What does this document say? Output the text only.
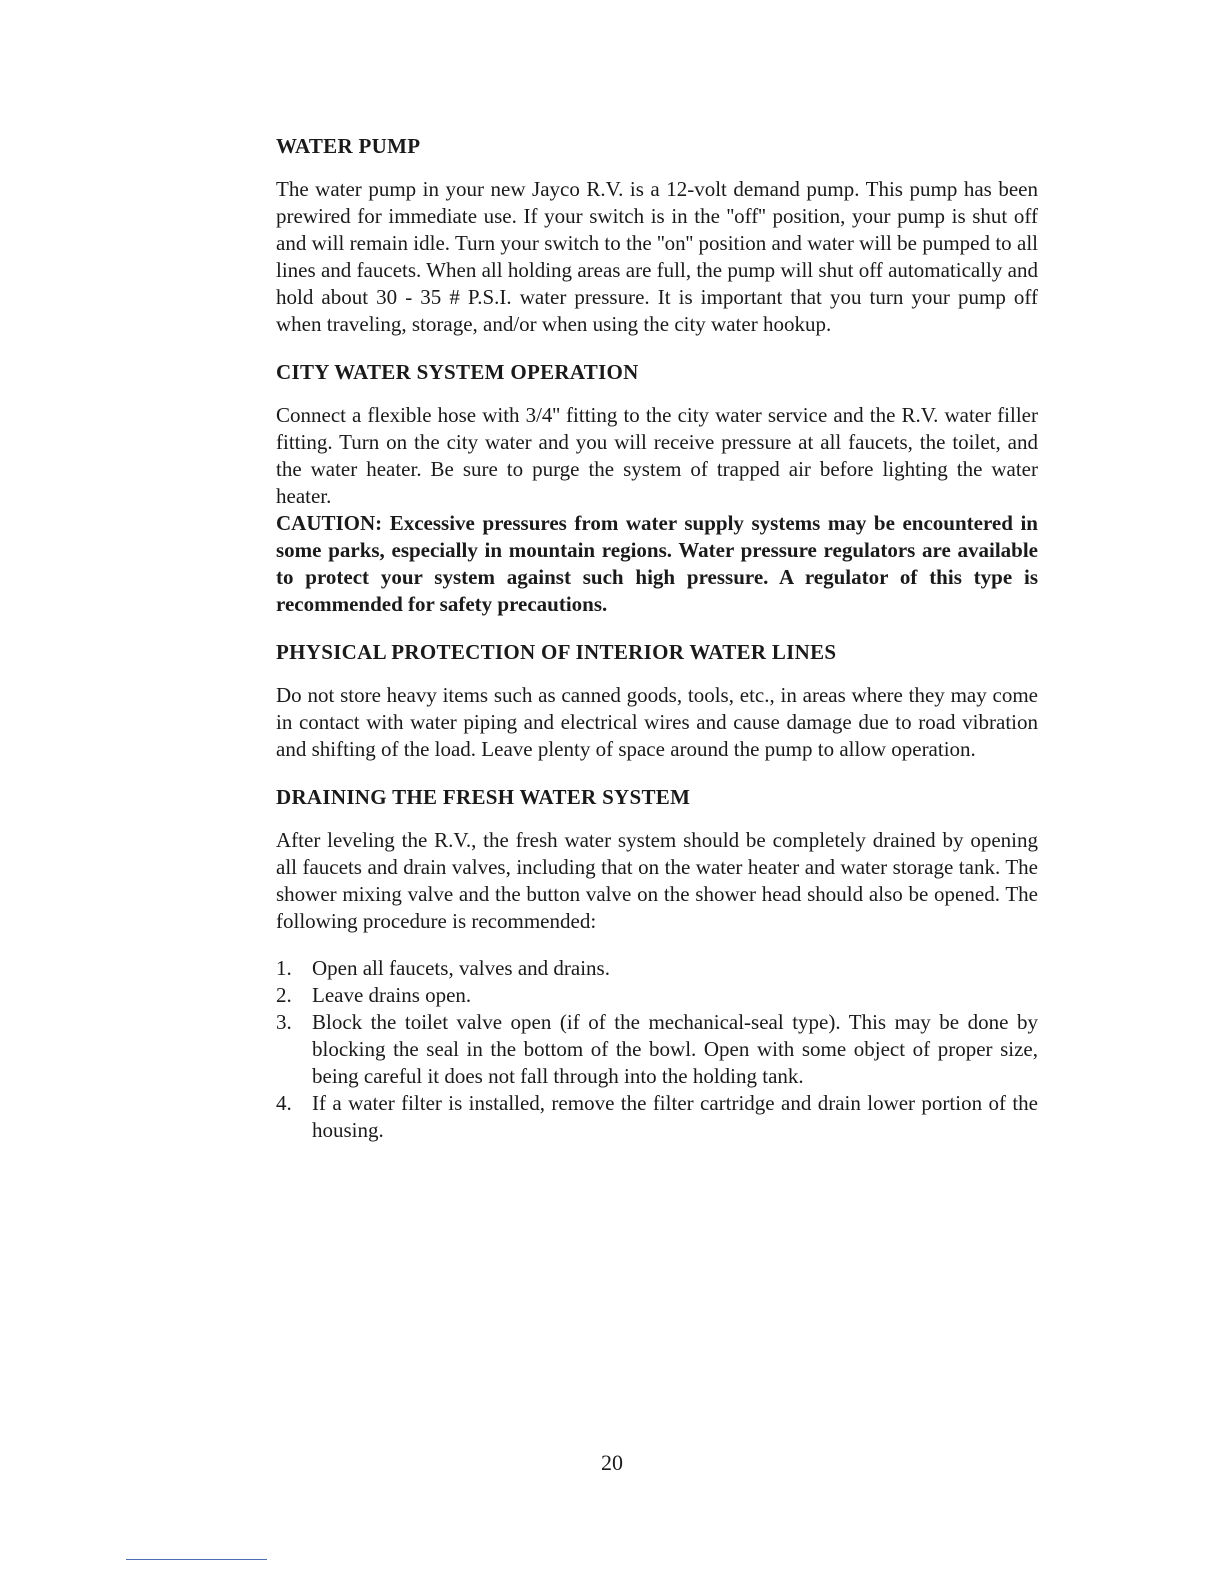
WATER PUMP

The water pump in your new Jayco R.V. is a 12-volt demand pump. This pump has been prewired for immediate use. If your switch is in the ''off'' position, your pump is shut off and will remain idle. Turn your switch to the ''on'' position and water will be pumped to all lines and faucets. When all holding areas are full, the pump will shut off automatically and hold about 30 - 35 # P.S.I. water pressure. It is important that you turn your pump off when traveling, storage, and/or when using the city water hookup.

CITY WATER SYSTEM OPERATION

Connect a flexible hose with 3/4'' fitting to the city water service and the R.V. water filler fitting. Turn on the city water and you will receive pressure at all faucets, the toilet, and the water heater. Be sure to purge the system of trapped air before lighting the water heater.

CAUTION: Excessive pressures from water supply systems may be encountered in some parks, especially in mountain regions. Water pressure regulators are available to protect your system against such high pressure. A regulator of this type is recommended for safety precautions.

PHYSICAL PROTECTION OF INTERIOR WATER LINES

Do not store heavy items such as canned goods, tools, etc., in areas where they may come in contact with water piping and electrical wires and cause damage due to road vibration and shifting of the load. Leave plenty of space around the pump to allow operation.

DRAINING THE FRESH WATER SYSTEM

After leveling the R.V., the fresh water system should be completely drained by opening all faucets and drain valves, including that on the water heater and water storage tank. The shower mixing valve and the button valve on the shower head should also be opened. The following procedure is recommended:

1. Open all faucets, valves and drains.
2. Leave drains open.
3. Block the toilet valve open (if of the mechanical-seal type). This may be done by blocking the seal in the bottom of the bowl. Open with some object of proper size, being careful it does not fall through into the holding tank.
4. If a water filter is installed, remove the filter cartridge and drain lower portion of the housing.
20
